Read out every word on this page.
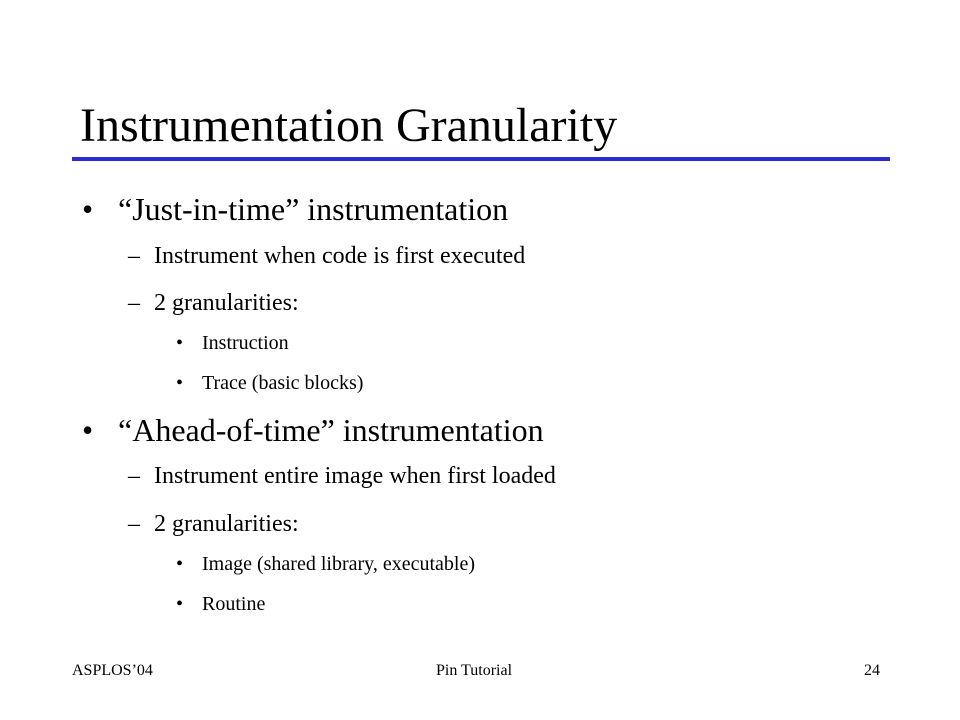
Instrumentation Granularity
• “Just-in-time” instrumentation
– Instrument when code is first executed
– 2 granularities:
• Instruction
• Trace (basic blocks)
• “Ahead-of-time” instrumentation
– Instrument entire image when first loaded
– 2 granularities:
• Image (shared library, executable)
• Routine
ASPLOS’04	Pin Tutorial	24
